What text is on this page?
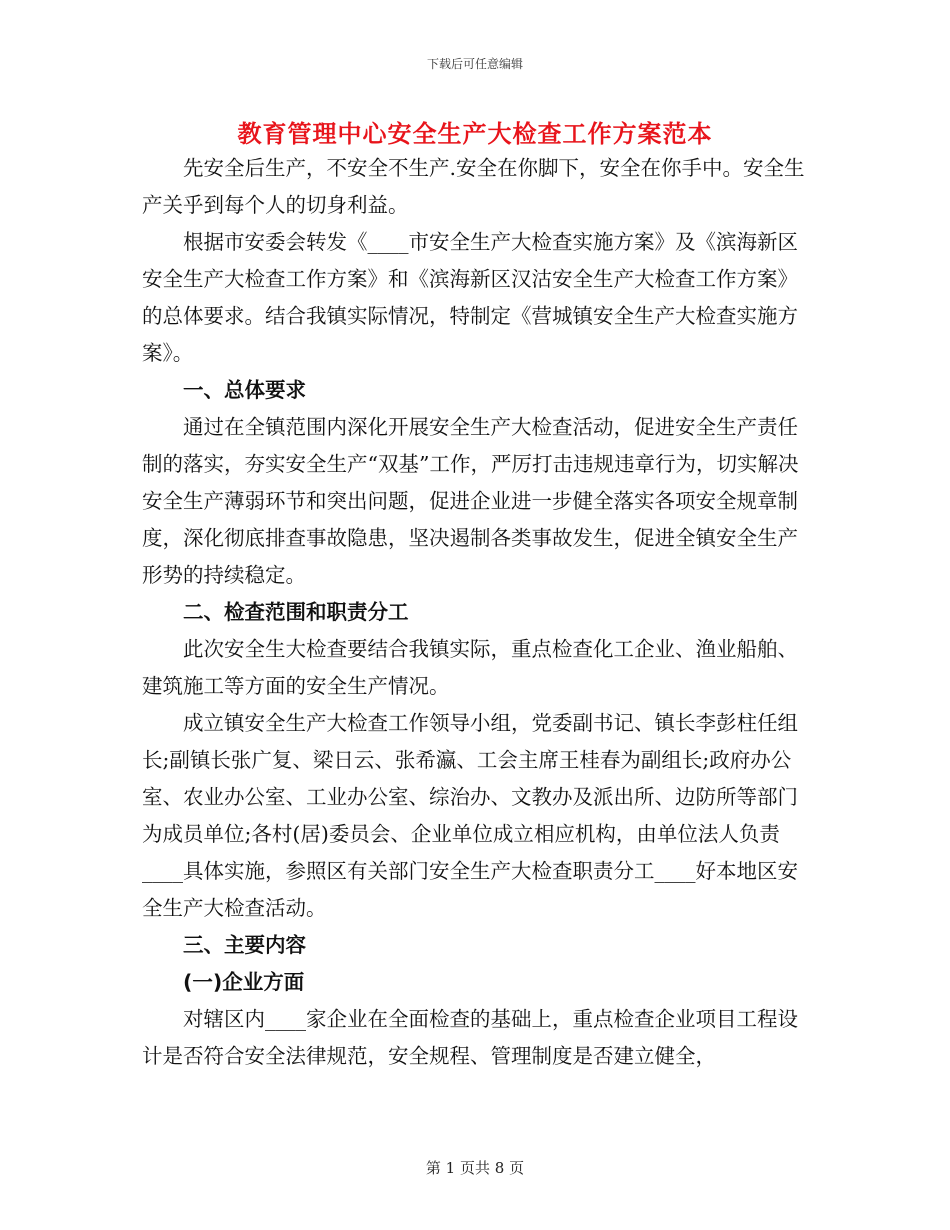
下载后可任意编辑
教育管理中心安全生产大检查工作方案范本

先安全后生产，不安全不生产.安全在你脚下，安全在你手中。安全生产关乎到每个人的切身利益。

根据市安委会转发《____市安全生产大检查实施方案》及《滨海新区安全生产大检查工作方案》和《滨海新区汉沽安全生产大检查工作方案》的总体要求。结合我镇实际情况，特制定《营城镇安全生产大检查实施方案》。

一、总体要求

通过在全镇范围内深化开展安全生产大检查活动，促进安全生产责任制的落实，夯实安全生产“双基”工作，严厉打击违规违章行为，切实解决安全生产薄弱环节和突出问题，促进企业进一步健全落实各项安全规章制度，深化彻底排查事故隐患，坚决遏制各类事故发生，促进全镇安全生产形势的持续稳定。

二、检查范围和职责分工

此次安全生大检查要结合我镇实际，重点检查化工企业、渔业船舶、建筑施工等方面的安全生产情况。

成立镇安全生产大检查工作领导小组，党委副书记、镇长李彭柱任组长;副镇长张广复、梁日云、张希瀛、工会主席王桂春为副组长;政府办公室、农业办公室、工业办公室、综治办、文教办及派出所、边防所等部门为成员单位;各村(居)委员会、企业单位成立相应机构，由单位法人负责____具体实施，参照区有关部门安全生产大检查职责分工____好本地区安全生产大检查活动。

三、主要内容
(一)企业方面

对辖区内____家企业在全面检查的基础上，重点检查企业项目工程设计是否符合安全法律规范，安全规程、管理制度是否建立健全，

第 1 页共 8 页
